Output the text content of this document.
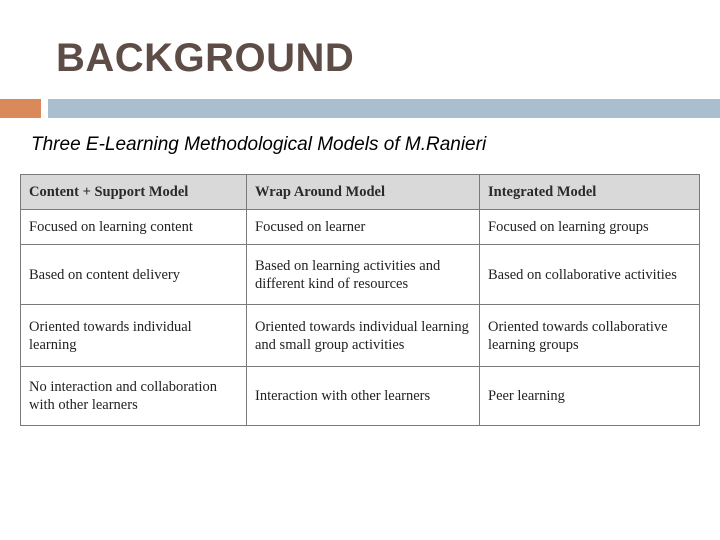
BACKGROUND

Three E-Learning Methodological Models of M.Ranieri

Content + Support Model	Wrap Around Model	Integrated Model
Focused on learning content	Focused on learner	Focused on learning groups
Based on content delivery	Based on learning activities and different kind of resources	Based on collaborative activities
Oriented towards individual learning	Oriented towards individual learning and small group activities	Oriented towards collaborative learning groups
No interaction and collaboration with other learners	Interaction with other learners	Peer learning
